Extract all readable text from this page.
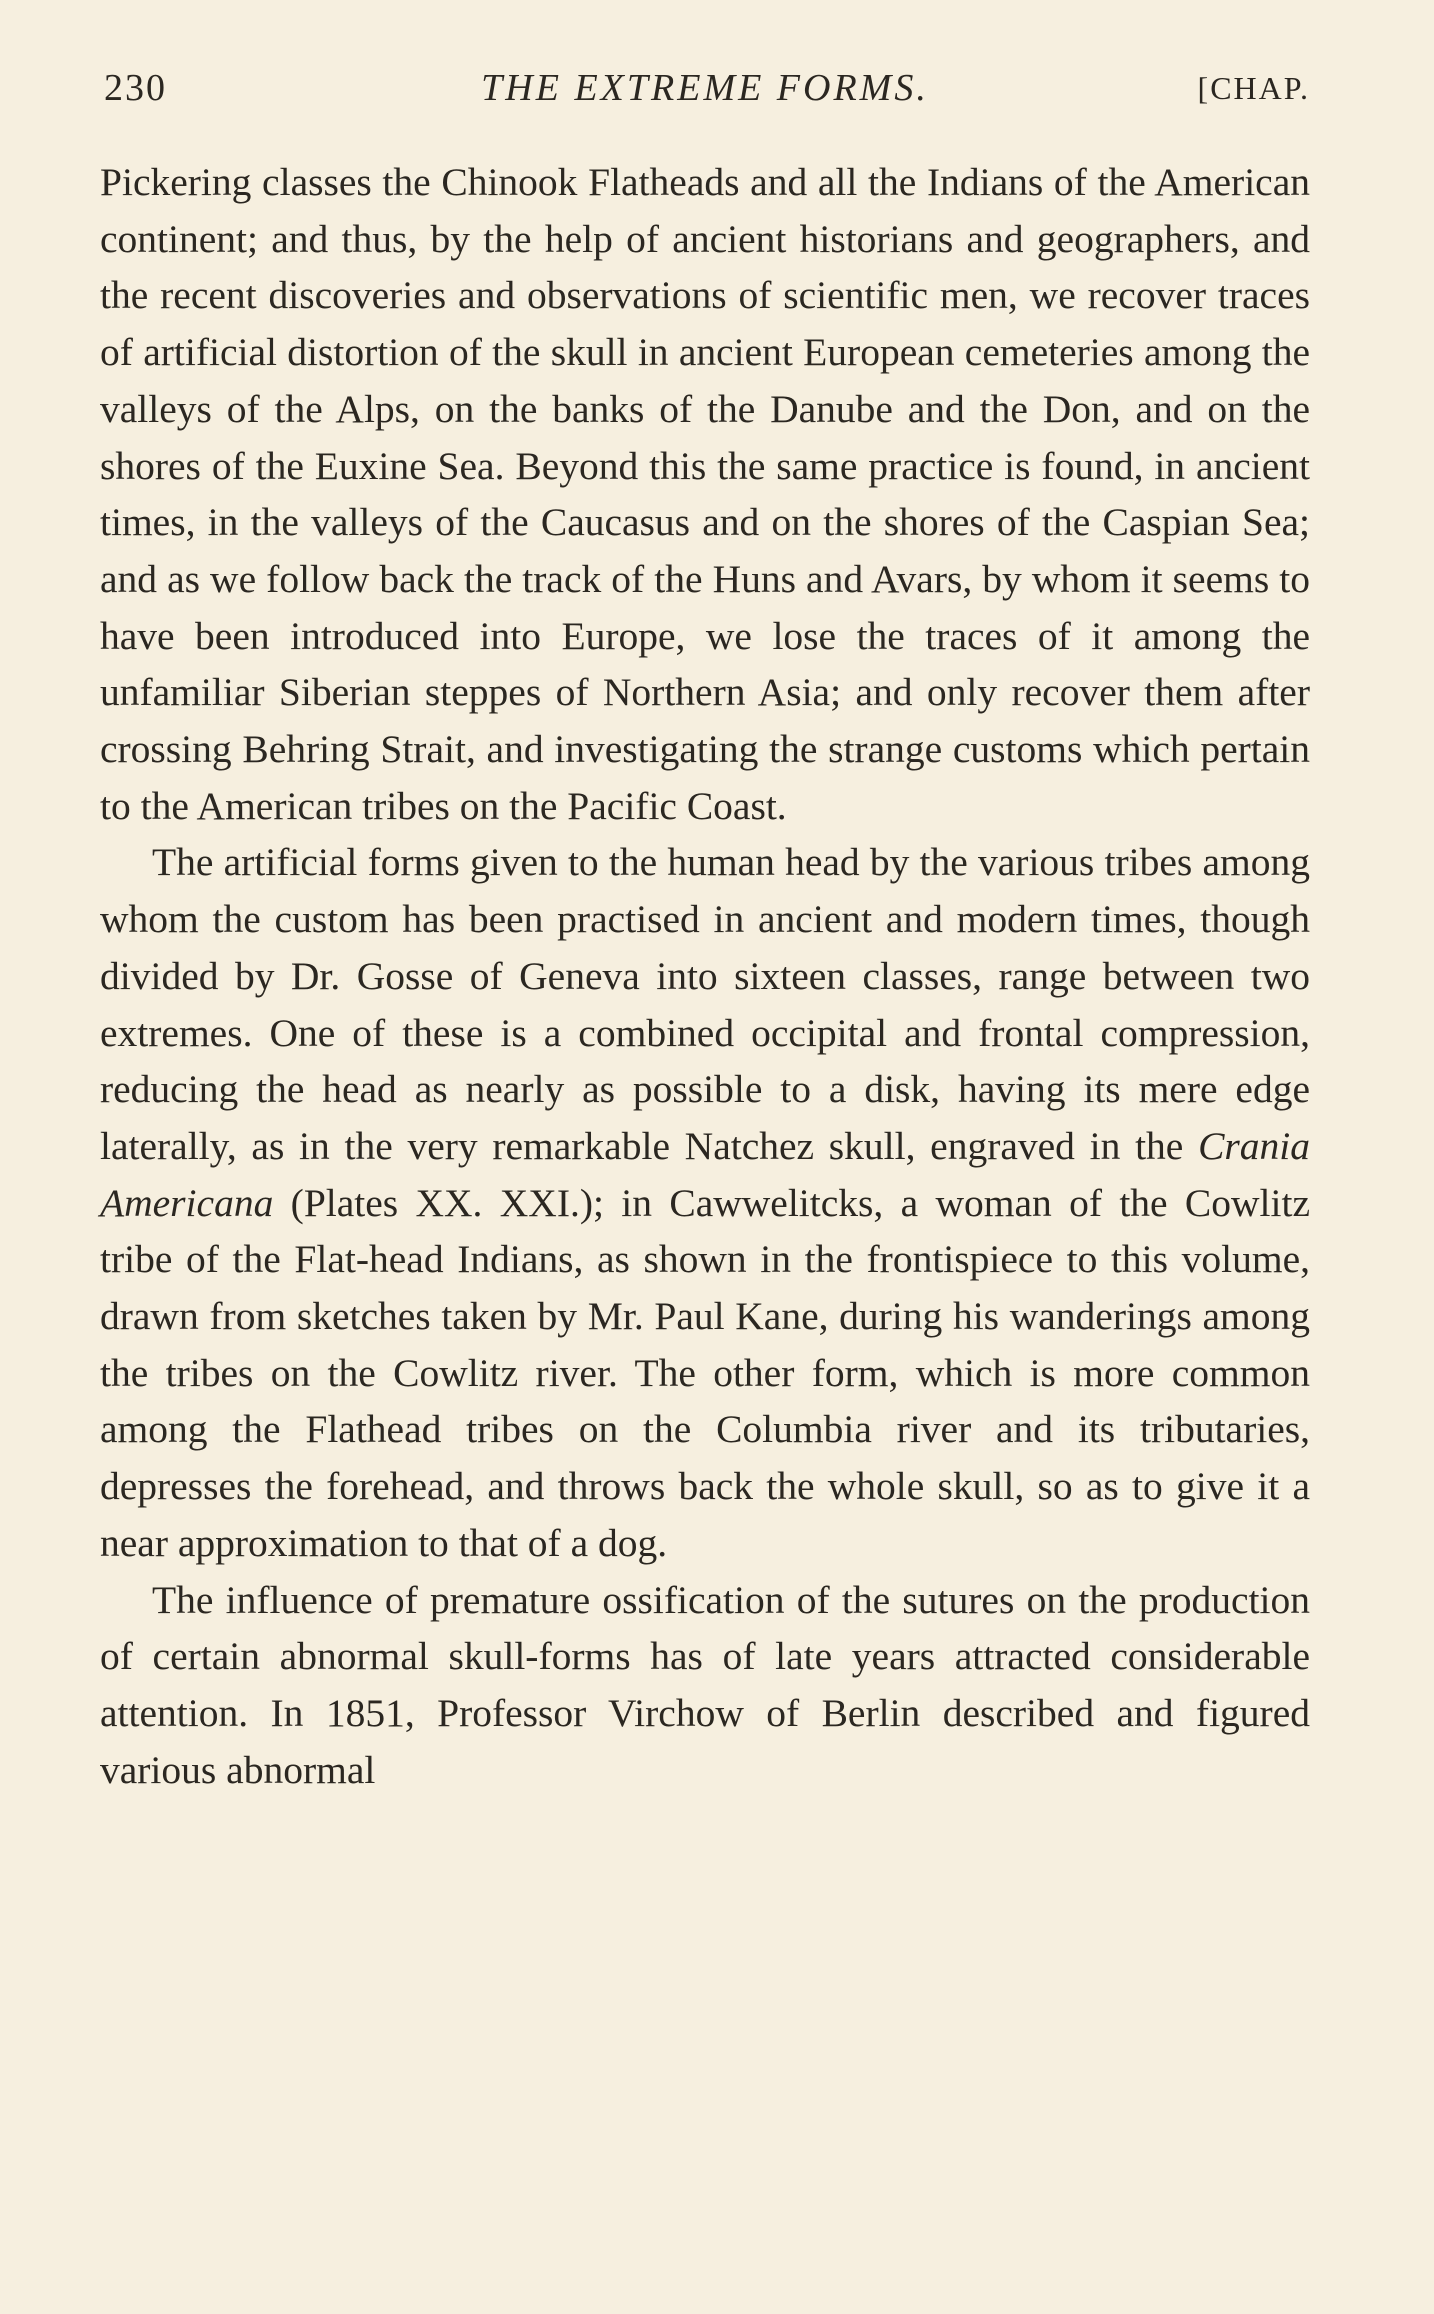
230	THE EXTREME FORMS.	[CHAP.

Pickering classes the Chinook Flatheads and all the Indians of the American continent; and thus, by the help of ancient historians and geographers, and the recent discoveries and observations of scientific men, we recover traces of artificial distortion of the skull in ancient European cemeteries among the valleys of the Alps, on the banks of the Danube and the Don, and on the shores of the Euxine Sea. Beyond this the same practice is found, in ancient times, in the valleys of the Caucasus and on the shores of the Caspian Sea; and as we follow back the track of the Huns and Avars, by whom it seems to have been introduced into Europe, we lose the traces of it among the unfamiliar Siberian steppes of Northern Asia; and only recover them after crossing Behring Strait, and investigating the strange customs which pertain to the American tribes on the Pacific Coast.

The artificial forms given to the human head by the various tribes among whom the custom has been practised in ancient and modern times, though divided by Dr. Gosse of Geneva into sixteen classes, range between two extremes. One of these is a combined occipital and frontal compression, reducing the head as nearly as possible to a disk, having its mere edge laterally, as in the very remarkable Natchez skull, engraved in the Crania Americana (Plates XX. XXI.); in Cawwelitcks, a woman of the Cowlitz tribe of the Flat-head Indians, as shown in the frontispiece to this volume, drawn from sketches taken by Mr. Paul Kane, during his wanderings among the tribes on the Cowlitz river. The other form, which is more common among the Flathead tribes on the Columbia river and its tributaries, depresses the forehead, and throws back the whole skull, so as to give it a near approximation to that of a dog.

The influence of premature ossification of the sutures on the production of certain abnormal skull-forms has of late years attracted considerable attention. In 1851, Professor Virchow of Berlin described and figured various abnormal
